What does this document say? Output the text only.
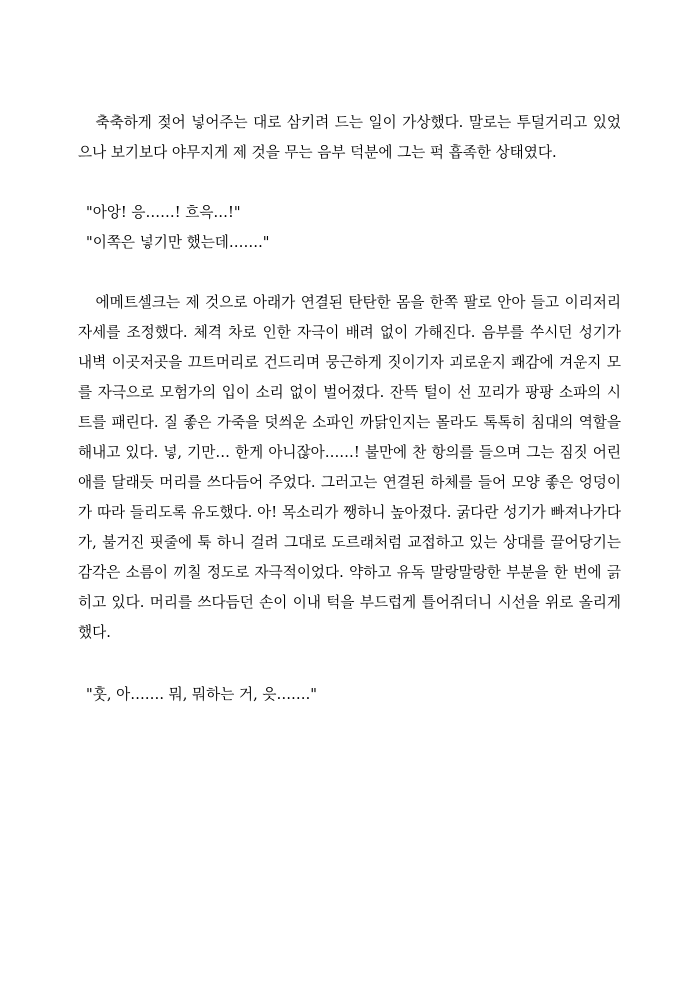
축축하게 젖어 넣어주는 대로 삼키려 드는 일이 가상했다. 말로는 투덜거리고 있었으나 보기보다 야무지게 제 것을 무는 음부 덕분에 그는 퍽 흡족한 상태였다.

"아앙! 응……! 흐윽…!"

"이쪽은 넣기만 했는데……."

에메트셀크는 제 것으로 아래가 연결된 탄탄한 몸을 한쪽 팔로 안아 들고 이리저리 자세를 조정했다. 체격 차로 인한 자극이 배려 없이 가해진다. 음부를 쑤시던 성기가 내벽 이곳저곳을 끄트머리로 건드리며 뭉근하게 짓이기자 괴로운지 쾌감에 겨운지 모를 자극으로 모험가의 입이 소리 없이 벌어졌다. 잔뜩 털이 선 꼬리가 팡팡 소파의 시트를 패린다. 질 좋은 가죽을 덧씌운 소파인 까닭인지는 몰라도 톡톡히 침대의 역할을 해내고 있다. 넣, 기만… 한게 아니잖아……! 불만에 찬 항의를 들으며 그는 짐짓 어린애를 달래듯 머리를 쓰다듬어 주었다. 그러고는 연결된 하체를 들어 모양 좋은 엉덩이가 따라 들리도록 유도했다. 아! 목소리가 쨍하니 높아졌다. 굵다란 성기가 빠져나가다가, 불거진 핏줄에 툭 하니 걸려 그대로 도르래처럼 교접하고 있는 상대를 끌어당기는 감각은 소름이 끼칠 정도로 자극적이었다. 약하고 유독 말랑말랑한 부분을 한 번에 긁히고 있다. 머리를 쓰다듬던 손이 이내 턱을 부드럽게 틀어쥐더니 시선을 위로 올리게 했다.

"훗, 아……. 뭐, 뭐하는 거, 읏……."
